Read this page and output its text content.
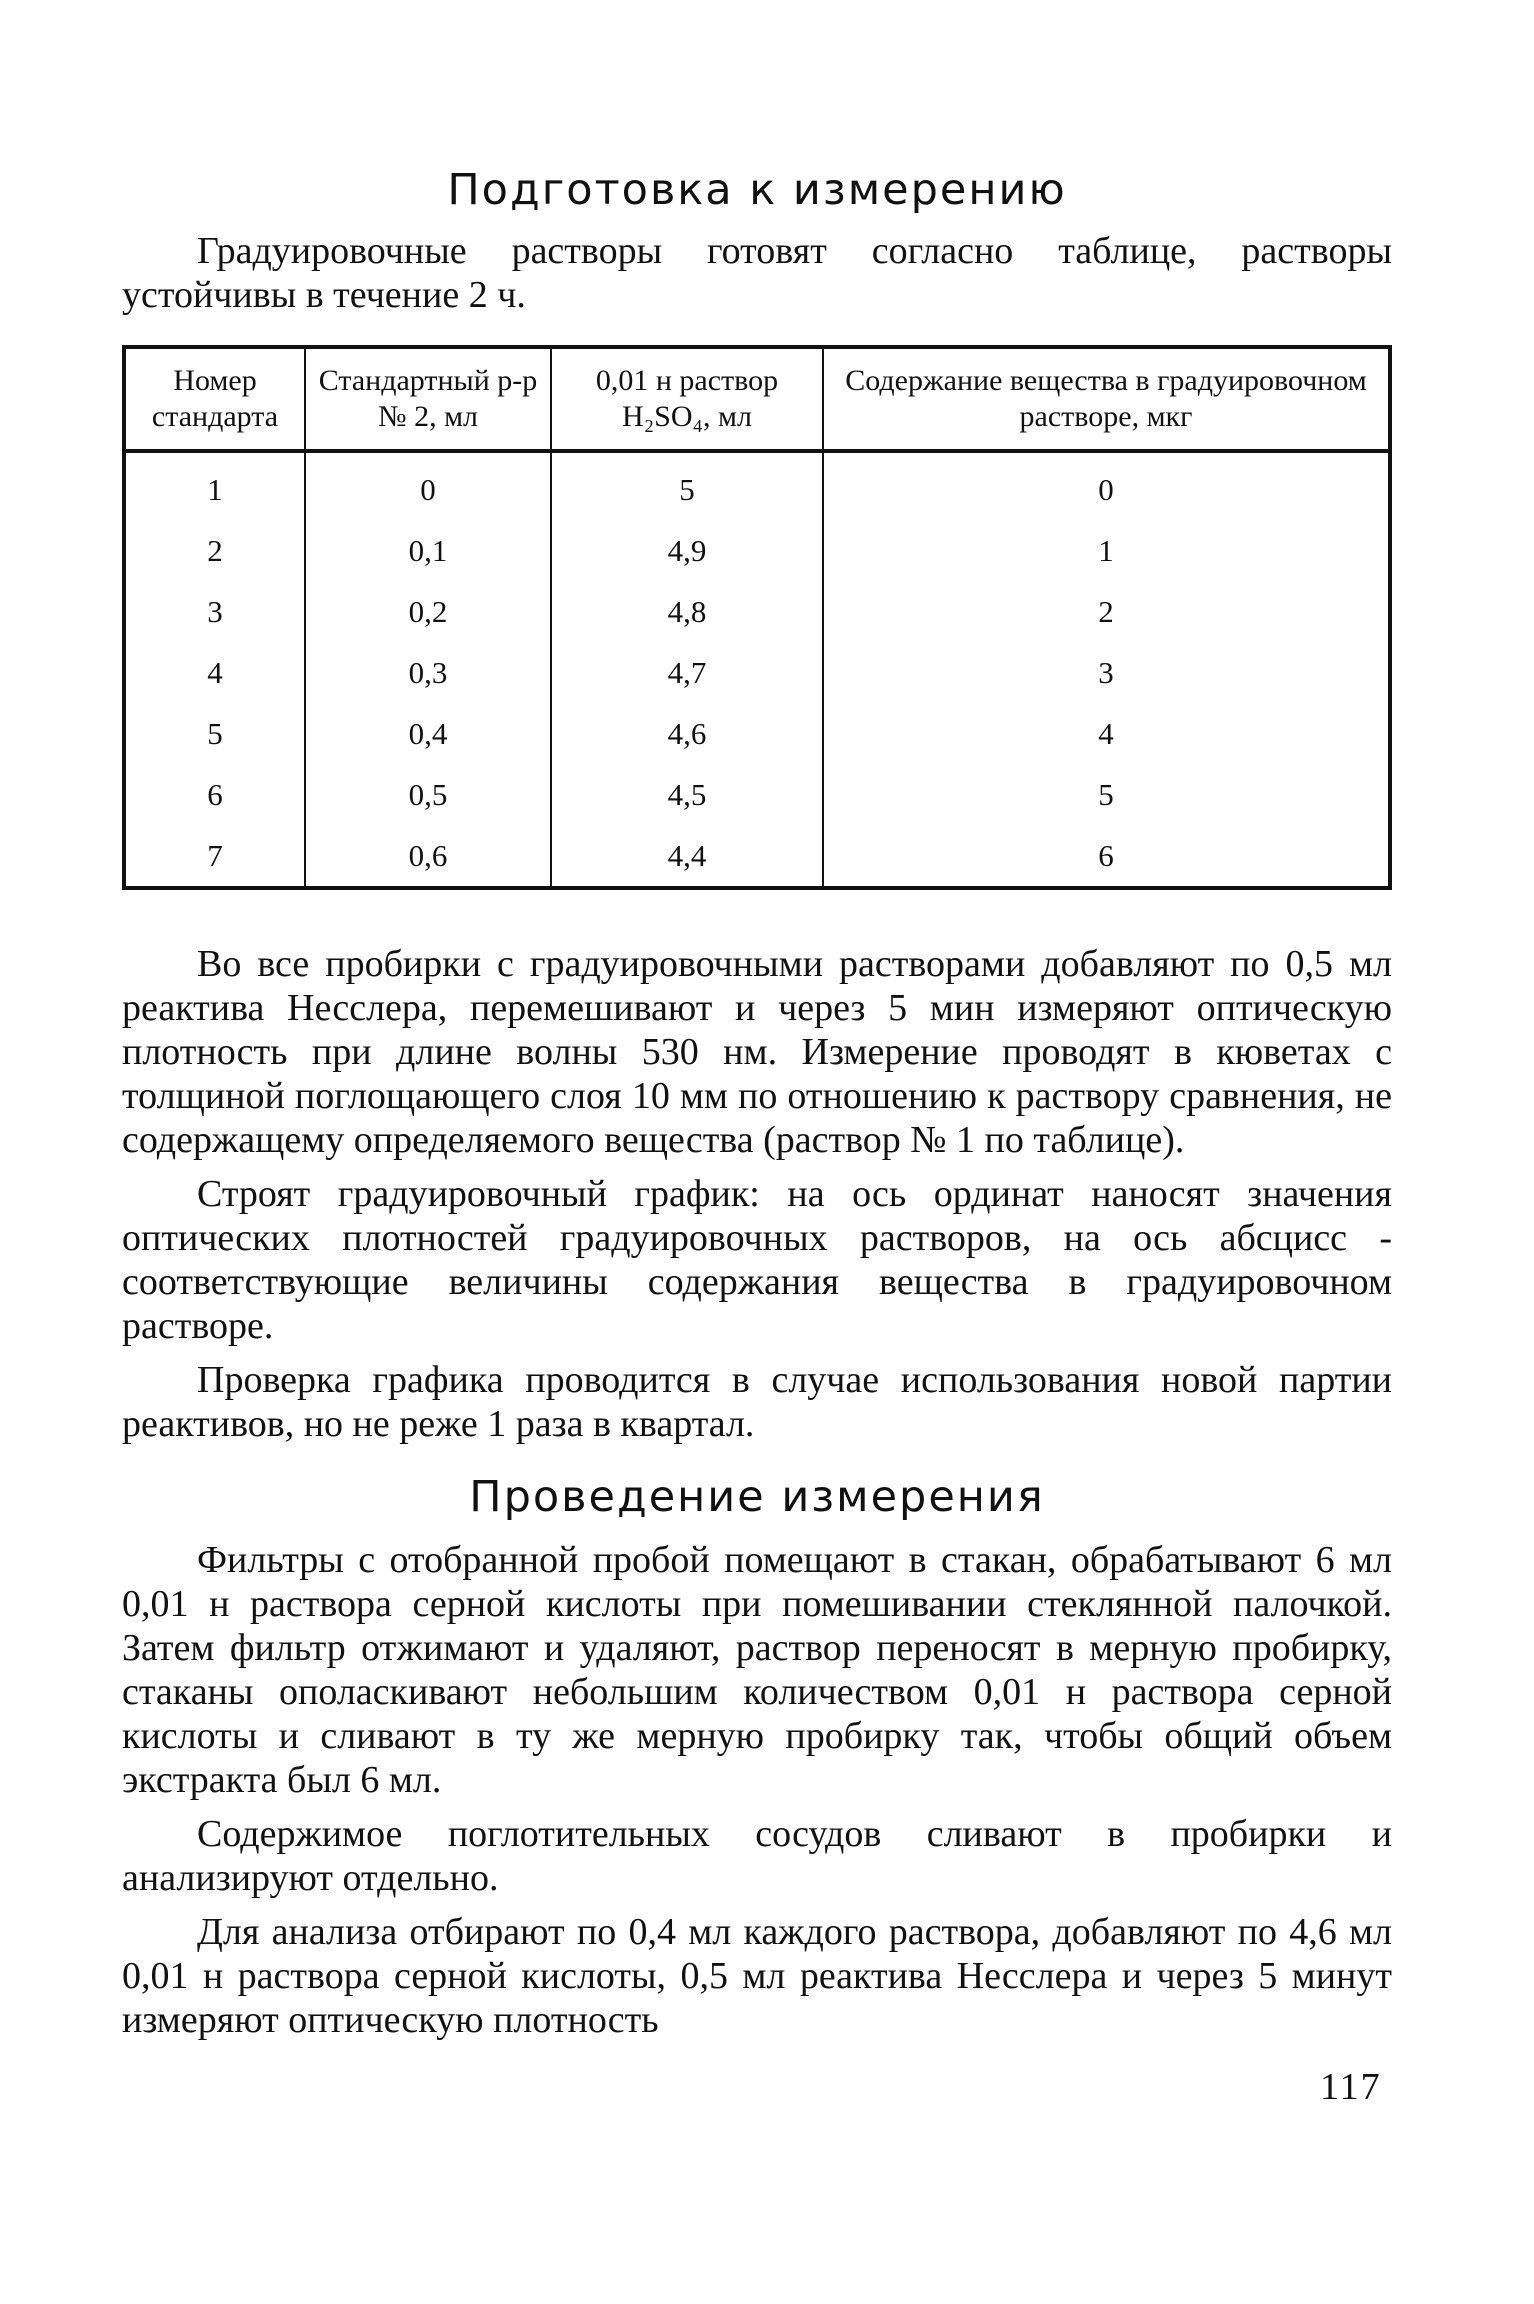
Подготовка к измерению

Градуировочные растворы готовят согласно таблице, растворы устойчивы в течение 2 ч.

Номер стандарта	Стандартный р-р № 2, мл	0,01 н раствор H₂SO₄, мл	Содержание вещества в градуировочном растворе, мкг
1	0	5	0
2	0,1	4,9	1
3	0,2	4,8	2
4	0,3	4,7	3
5	0,4	4,6	4
6	0,5	4,5	5
7	0,6	4,4	6

Во все пробирки с градуировочными растворами добавляют по 0,5 мл реактива Несслера, перемешивают и через 5 мин измеряют оптическую плотность при длине волны 530 нм. Измерение проводят в кюветах с толщиной поглощающего слоя 10 мм по отношению к раствору сравнения, не содержащему определяемого вещества (раствор № 1 по таблице).

Строят градуировочный график: на ось ординат наносят значения оптических плотностей градуировочных растворов, на ось абсцисс - соответствующие величины содержания вещества в градуировочном растворе.

Проверка графика проводится в случае использования новой партии реактивов, но не реже 1 раза в квартал.

Проведение измерения

Фильтры с отобранной пробой помещают в стакан, обрабатывают 6 мл 0,01 н раствора серной кислоты при помешивании стеклянной палочкой. Затем фильтр отжимают и удаляют, раствор переносят в мерную пробирку, стаканы ополаскивают небольшим количеством 0,01 н раствора серной кислоты и сливают в ту же мерную пробирку так, чтобы общий объем экстракта был 6 мл.

Содержимое поглотительных сосудов сливают в пробирки и анализируют отдельно.

Для анализа отбирают по 0,4 мл каждого раствора, добавляют по 4,6 мл 0,01 н раствора серной кислоты, 0,5 мл реактива Несслера и через 5 минут измеряют оптическую плотность

117
